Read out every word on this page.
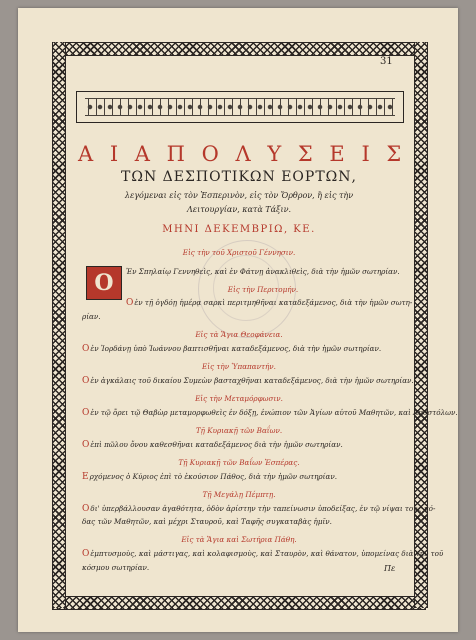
31
Α Ι Α Π Ο Λ Υ Σ Ε Ι Σ
ΤΩΝ ΔΕΣΠΟΤΙΚΩΝ ΕΟΡΤΩΝ,
λεγόμεναι εἰς τὸν Ἑσπερινὸν, εἰς τὸν Ὄρθρον, ἢ εἰς τὴν
Λειτουργίαν, κατὰ Τάξιν.
ΜΗΝΙ ΔΕΚΕΜΒΡΙΩ, ΚΕ.
Εἰς τὴν τοῦ Χριστοῦ Γέννησιν.
Ο Ἐν Σπηλαίῳ Γεννηθεὶς, καὶ ἐν Φάτνῃ ἀνακλιθεὶς, διὰ τὴν ἡμῶν σωτηρίαν.
Εἰς τὴν Περιτομήν.
Οἐν τῇ ὀγδόῃ ἡμέρᾳ σαρκὶ περιτμηθῆναι καταδεξάμενος, διὰ τὴν ἡμῶν σωτη-
ρίαν.
Εἰς τὰ Ἅγια Θεοφάνεια.
Οἐν Ἰορδάνῃ ὑπὸ Ἰωάννου βαπτισθῆναι καταδεξάμενος, διὰ τὴν ἡμῶν σωτηρίαν.
Εἰς τὴν Ὑπαπαντήν.
Οἐν ἀγκάλαις τοῦ δικαίου Συμεὼν βασταχθῆναι καταδεξάμενος, διὰ τὴν ἡμῶν σωτηρίαν.
Εἰς τὴν Μεταμόρφωσιν.
Οἐν τῷ ὄρει τῷ Θαβὼρ μεταμορφωθεὶς ἐν δόξῃ, ἐνώπιον τῶν Ἁγίων αὐτοῦ Μαθητῶν, καὶ Ἀποστόλων.
Τῇ Κυριακῇ τῶν Βαΐων.
Οἐπὶ πῶλου ὄνου καθεσθῆναι καταδεξάμενος διὰ τὴν ἡμῶν σωτηρίαν.
Τῇ Κυριακῇ τῶν Βαΐων Ἑσπέρας.
Ερχόμενος ὁ Κύριος ἐπὶ τὸ ἑκούσιον Πάθος, διὰ τὴν ἡμῶν σωτηρίαν.
Τῇ Μεγάλῃ Πέμπτῃ.
Οδι' ὑπερβάλλουσαν ἀγαθότητα, ὁδὸν ἀρίστην τὴν ταπείνωσιν ὑποδείξας, ἐν τῷ νίψαι τοὺς πό-
δας τῶν Μαθητῶν, καὶ μέχρι Σταυροῦ, καὶ Ταφῆς συγκαταβὰς ἡμῖν.
Εἰς τὰ Ἅγια καὶ Σωτήρια Πάθη.
Οἐμπτυσμοὺς, καὶ μάστιγας, καὶ κολαφισμοὺς, καὶ Σταυρὸν, καὶ θάνατον, ὑπομείνας διὰ τὴν τοῦ
κόσμου σωτηρίαν.	Πε
